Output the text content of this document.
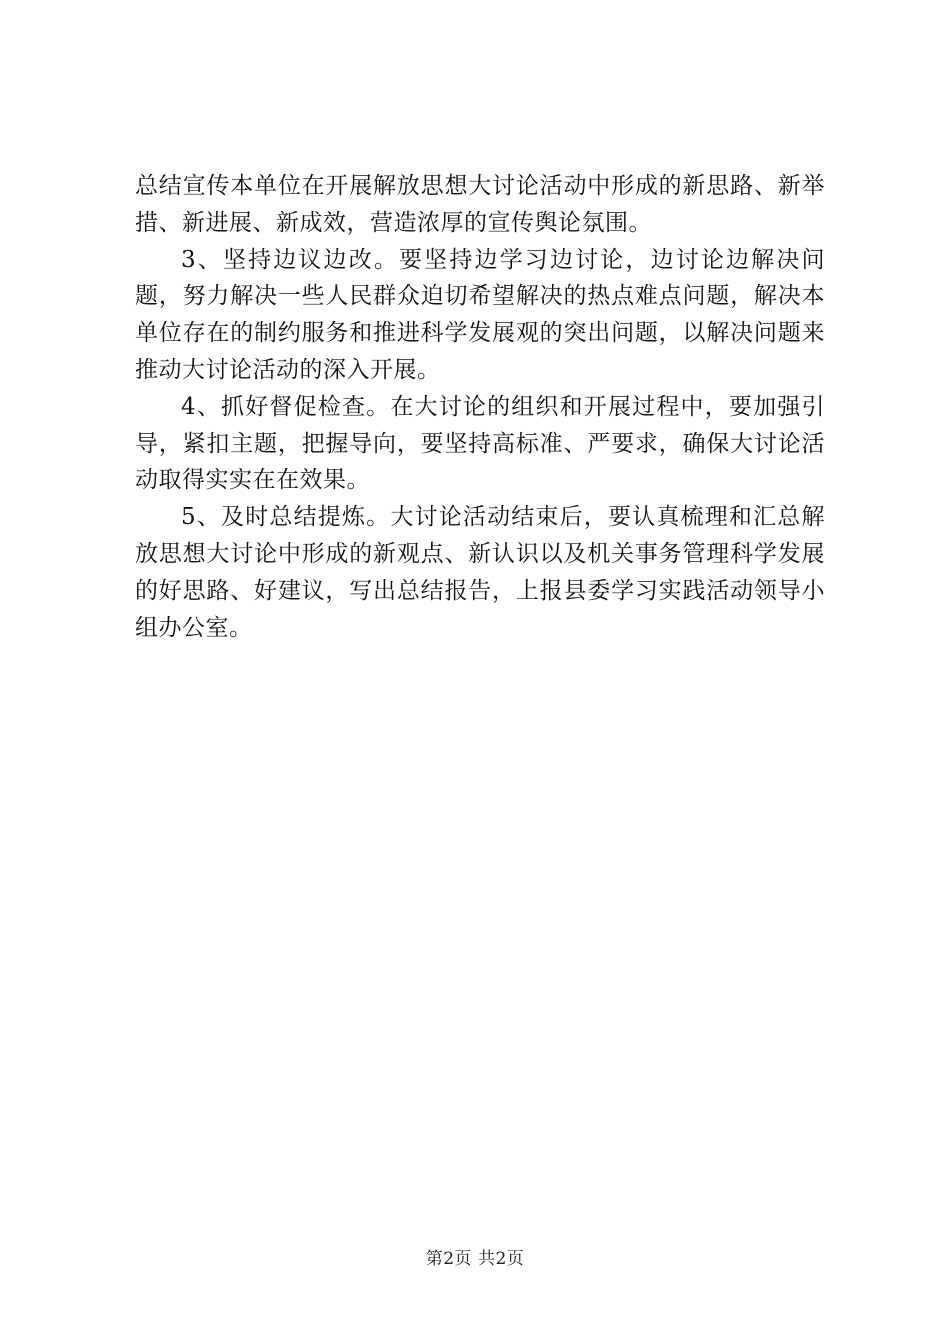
总结宣传本单位在开展解放思想大讨论活动中形成的新思路、新举措、新进展、新成效，营造浓厚的宣传舆论氛围。

3、坚持边议边改。要坚持边学习边讨论，边讨论边解决问题，努力解决一些人民群众迫切希望解决的热点难点问题，解决本单位存在的制约服务和推进科学发展观的突出问题，以解决问题来推动大讨论活动的深入开展。

4、抓好督促检查。在大讨论的组织和开展过程中，要加强引导，紧扣主题，把握导向，要坚持高标准、严要求，确保大讨论活动取得实实在在效果。

5、及时总结提炼。大讨论活动结束后，要认真梳理和汇总解放思想大讨论中形成的新观点、新认识以及机关事务管理科学发展的好思路、好建议，写出总结报告，上报县委学习实践活动领导小组办公室。

第2页 共2页
